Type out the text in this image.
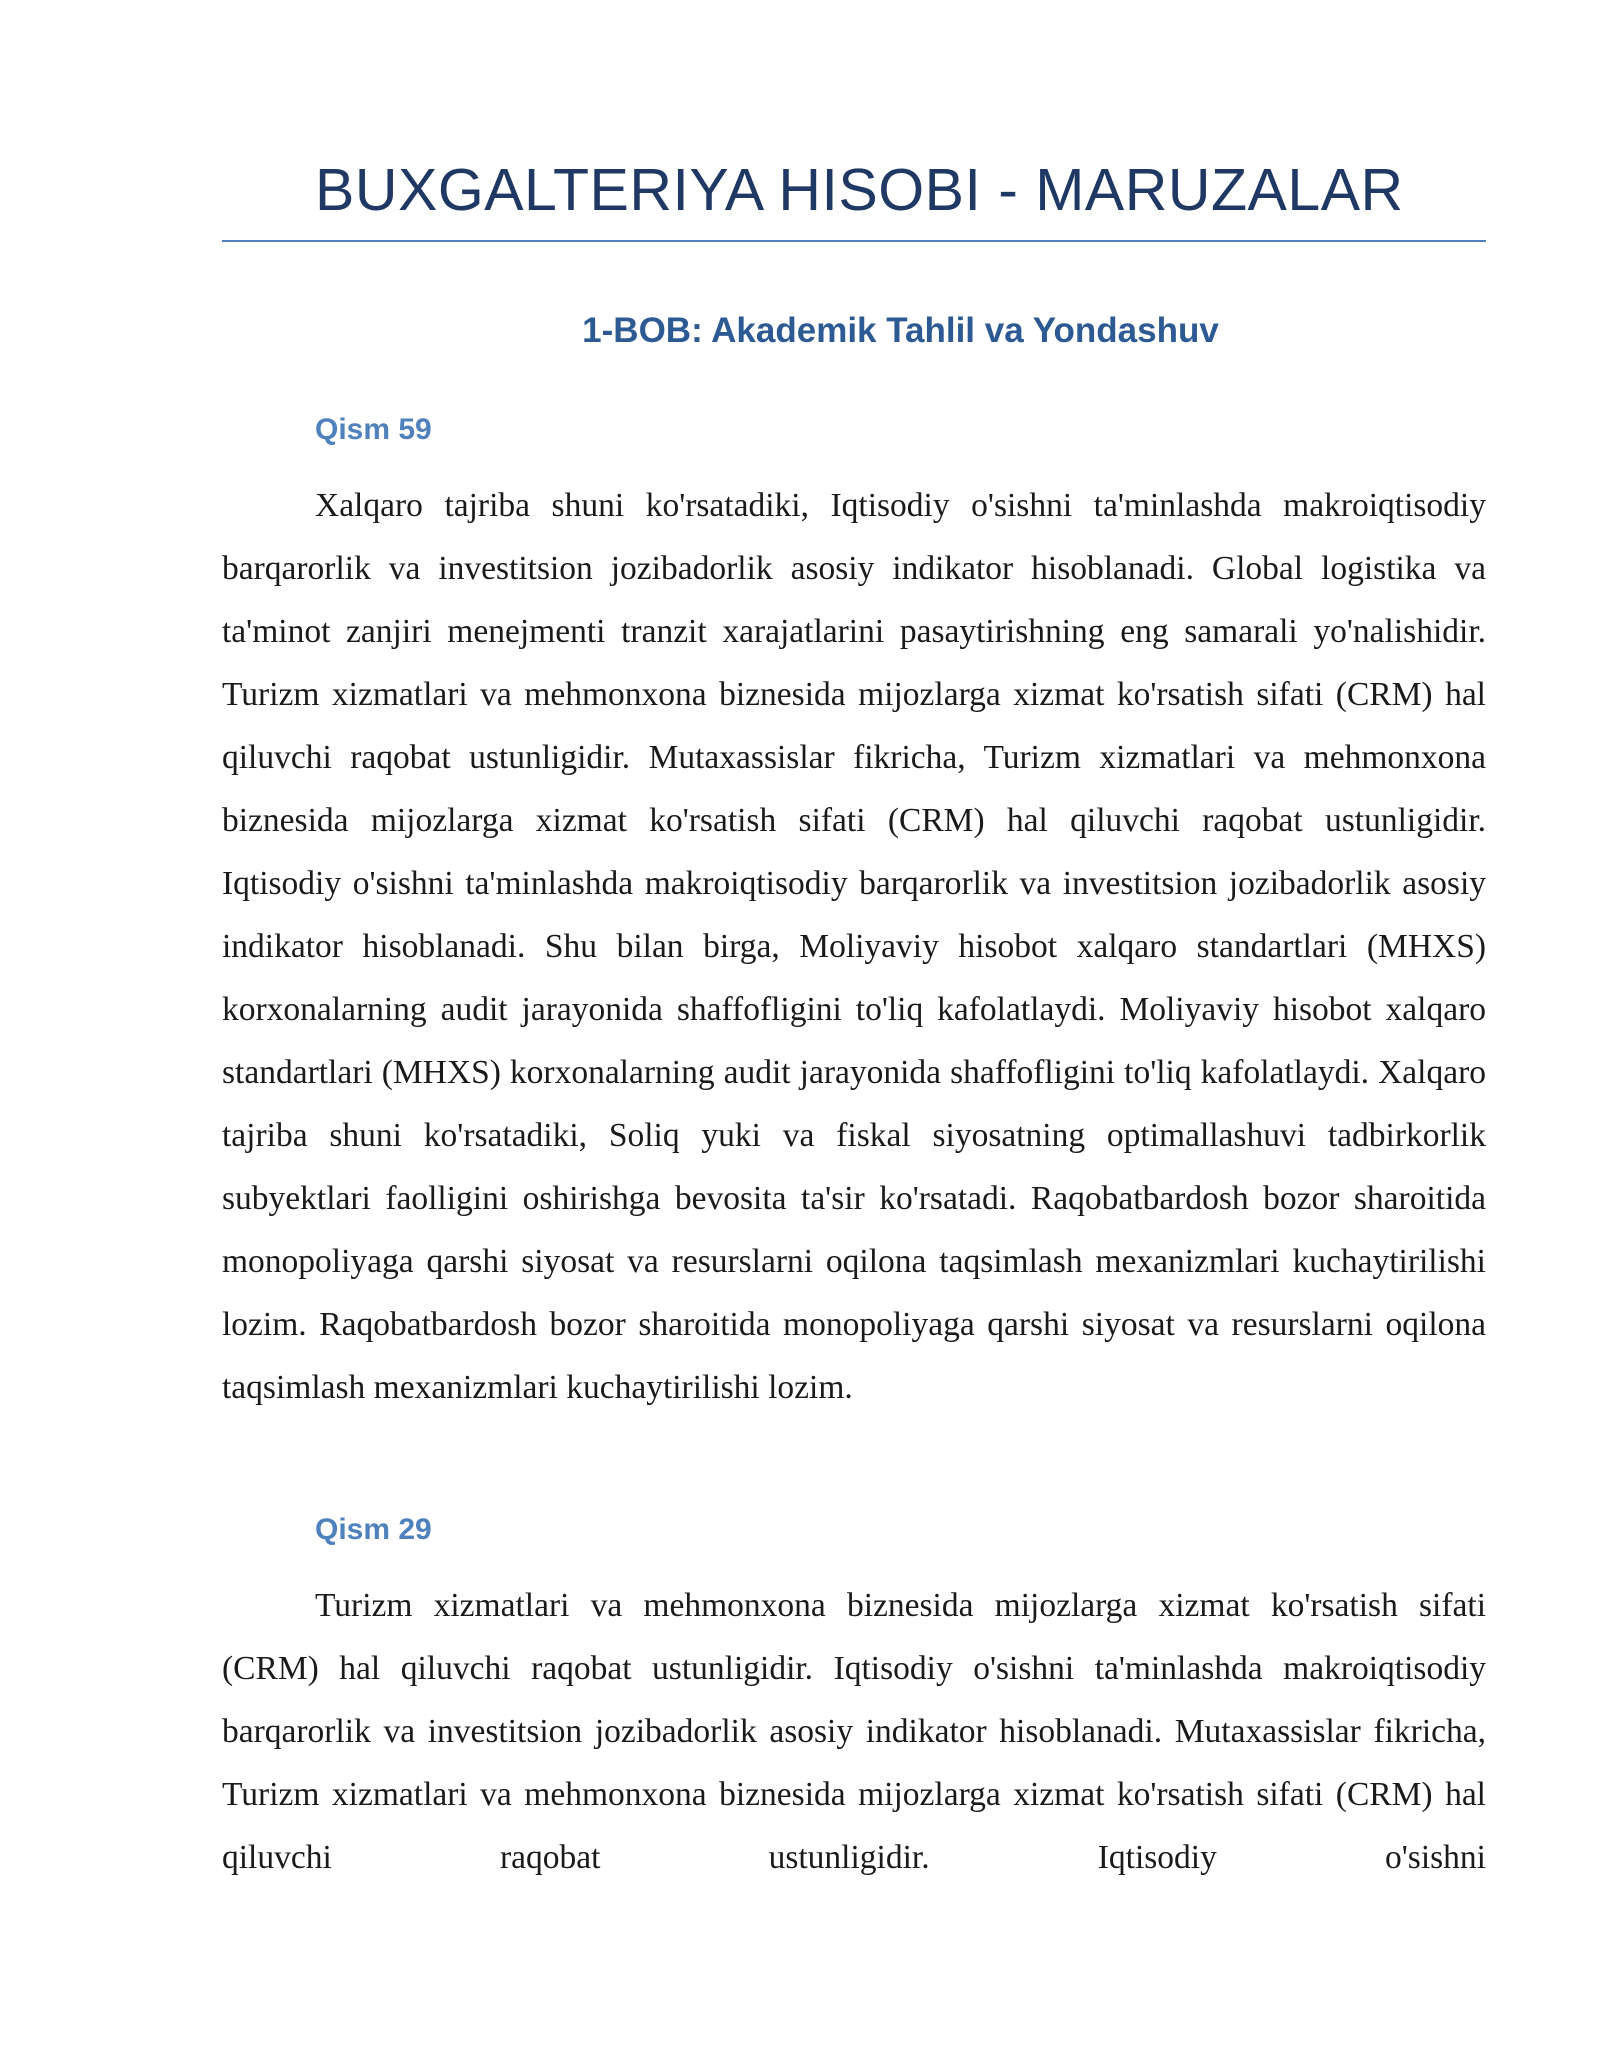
BUXGALTERIYA HISOBI - MARUZALAR
1-BOB: Akademik Tahlil va Yondashuv
Qism 59

Xalqaro tajriba shuni ko'rsatadiki, Iqtisodiy o'sishni ta'minlashda makroiqtisodiy barqarorlik va investitsion jozibadorlik asosiy indikator hisoblanadi. Global logistika va ta'minot zanjiri menejmenti tranzit xarajatlarini pasaytirishning eng samarali yo'nalishidir. Turizm xizmatlari va mehmonxona biznesida mijozlarga xizmat ko'rsatish sifati (CRM) hal qiluvchi raqobat ustunligidir. Mutaxassislar fikricha, Turizm xizmatlari va mehmonxona biznesida mijozlarga xizmat ko'rsatish sifati (CRM) hal qiluvchi raqobat ustunligidir. Iqtisodiy o'sishni ta'minlashda makroiqtisodiy barqarorlik va investitsion jozibadorlik asosiy indikator hisoblanadi. Shu bilan birga, Moliyaviy hisobot xalqaro standartlari (MHXS) korxonalarning audit jarayonida shaffofligini to'liq kafolatlaydi. Moliyaviy hisobot xalqaro standartlari (MHXS) korxonalarning audit jarayonida shaffofligini to'liq kafolatlaydi. Xalqaro tajriba shuni ko'rsatadiki, Soliq yuki va fiskal siyosatning optimallashuvi tadbirkorlik subyektlari faolligini oshirishga bevosita ta'sir ko'rsatadi. Raqobatbardosh bozor sharoitida monopoliyaga qarshi siyosat va resurslarni oqilona taqsimlash mexanizmlari kuchaytirilishi lozim. Raqobatbardosh bozor sharoitida monopoliyaga qarshi siyosat va resurslarni oqilona taqsimlash mexanizmlari kuchaytirilishi lozim.

Qism 29

Turizm xizmatlari va mehmonxona biznesida mijozlarga xizmat ko'rsatish sifati (CRM) hal qiluvchi raqobat ustunligidir. Iqtisodiy o'sishni ta'minlashda makroiqtisodiy barqarorlik va investitsion jozibadorlik asosiy indikator hisoblanadi. Mutaxassislar fikricha, Turizm xizmatlari va mehmonxona biznesida mijozlarga xizmat ko'rsatish sifati (CRM) hal qiluvchi raqobat ustunligidir. Iqtisodiy o'sishni
